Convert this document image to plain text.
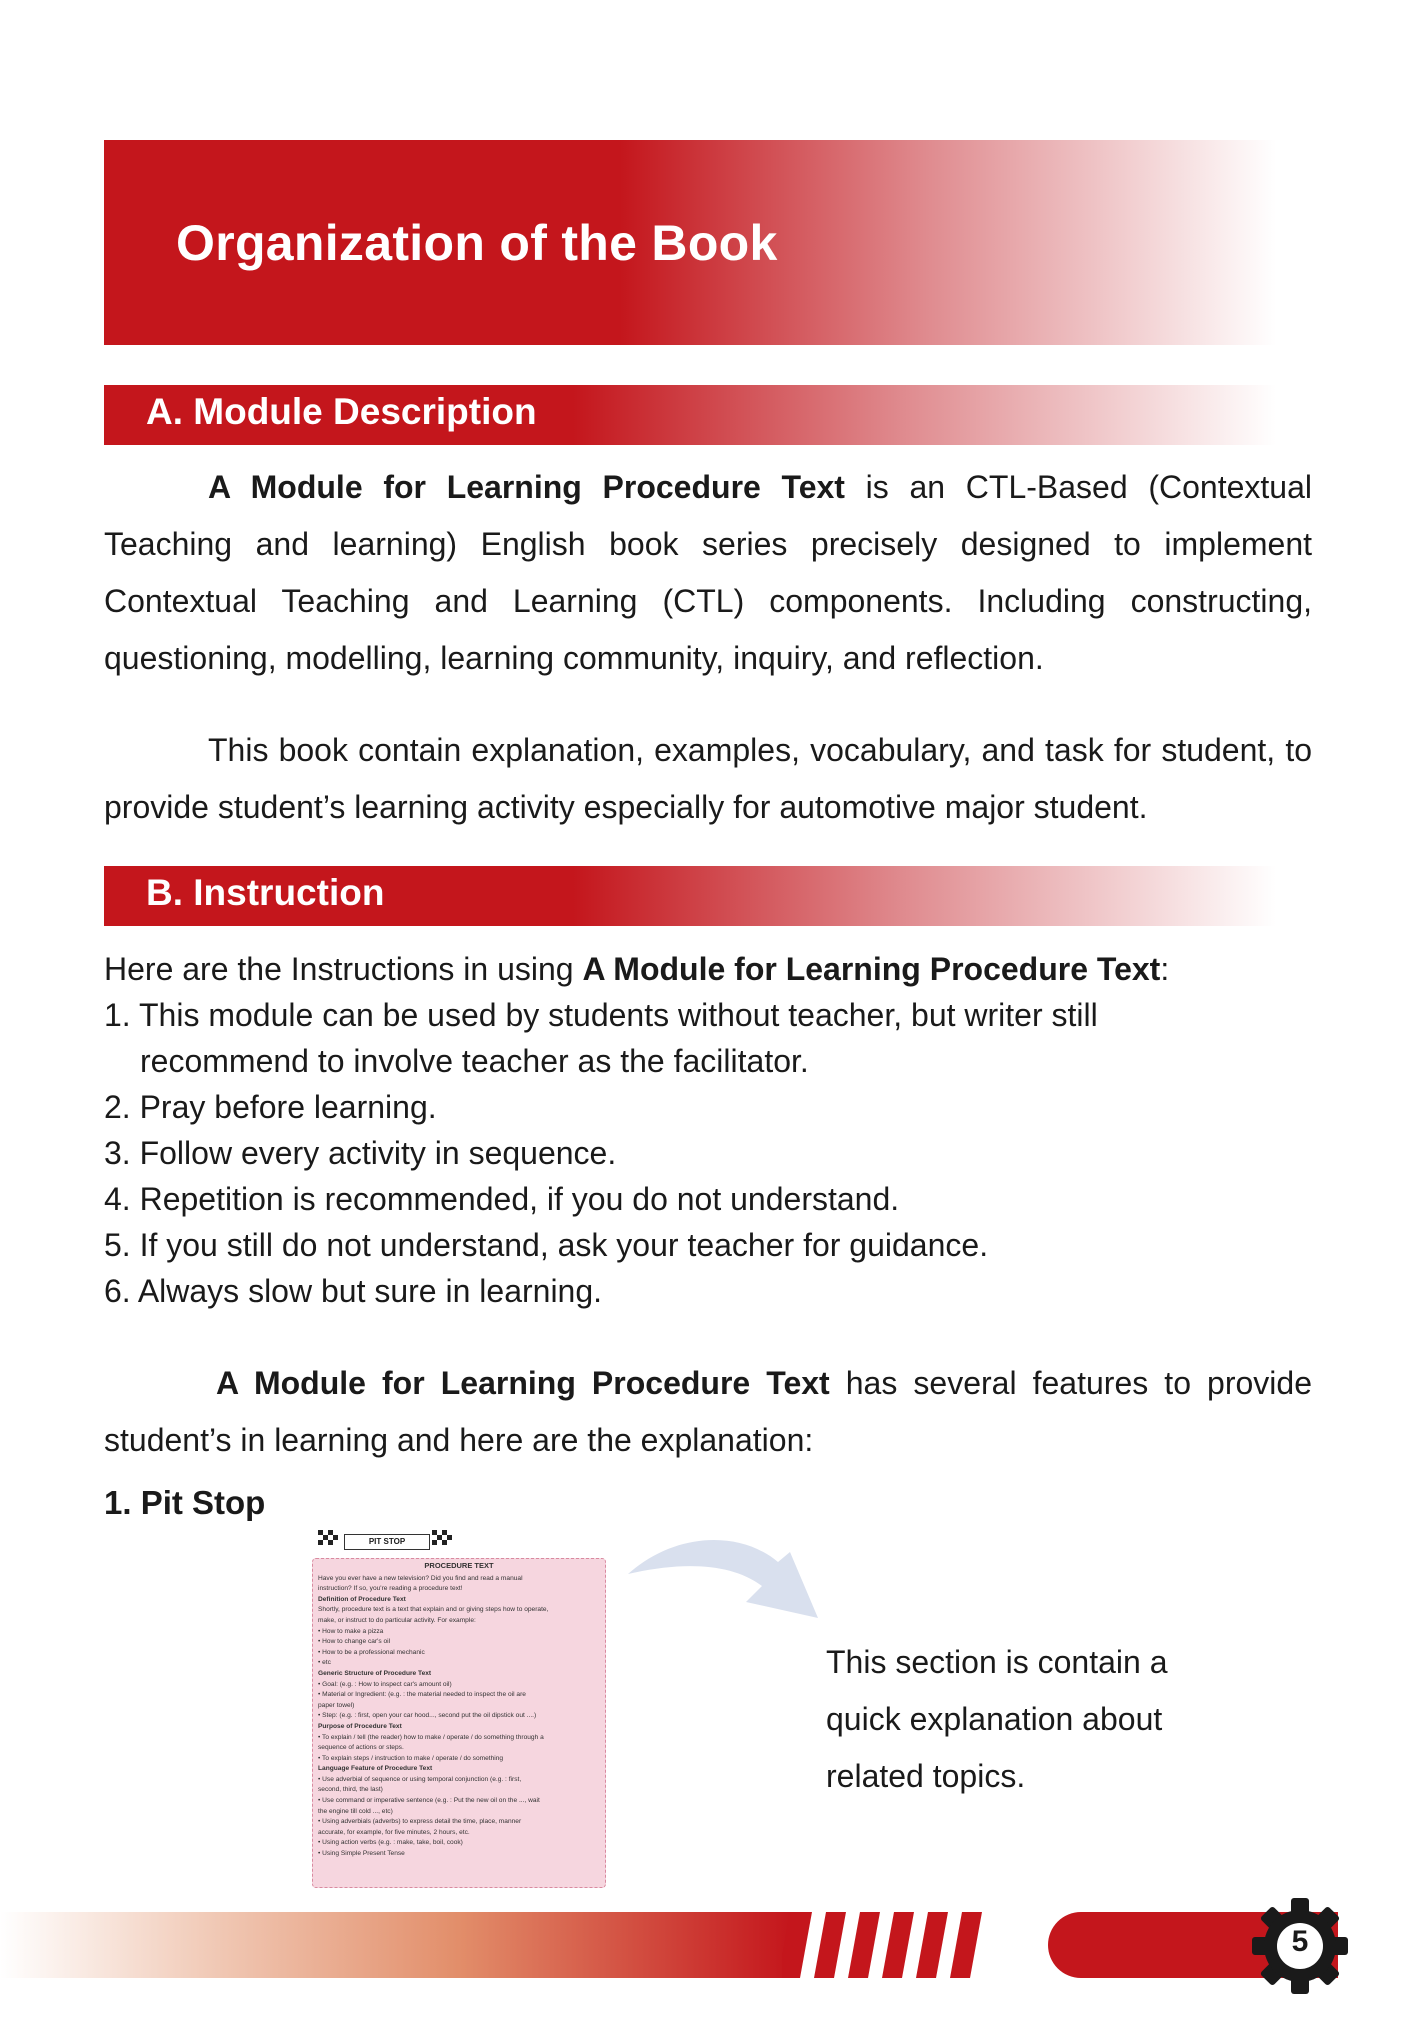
Organization of the Book
A. Module Description

A Module for Learning Procedure Text is an CTL-Based (Contextual Teaching and learning) English book series precisely designed to implement Contextual Teaching and Learning (CTL) components. Including constructing, questioning, modelling, learning community, inquiry, and reflection.

This book contain explanation, examples, vocabulary, and task for student, to provide student’s learning activity especially for automotive major student.

B. Instruction
Here are the Instructions in using A Module for Learning Procedure Text:
1. This module can be used by students without teacher, but writer still
recommend to involve teacher as the facilitator.
2. Pray before learning.
3. Follow every activity in sequence.
4. Repetition is recommended, if you do not understand.
5. If you still do not understand, ask your teacher for guidance.
6. Always slow but sure in learning.

A Module for Learning Procedure Text has several features to provide student’s in learning and here are the explanation:

1. Pit Stop
PIT STOP
PROCEDURE TEXT
Have you ever have a new television? Did you find and read a manual
instruction? If so, you're reading a procedure text!
Definition of Procedure Text
Shortly, procedure text is a text that explain and or giving steps how to operate,
make, or instruct to do particular activity. For example:
• How to make a pizza
• How to change car's oil
• How to be a professional mechanic
• etc
Generic Structure of Procedure Text
• Goal: (e.g. : How to inspect car's amount oil)
• Material or Ingredient: (e.g. : the material needed to inspect the oil are
paper towel)
• Step: (e.g. : first, open your car hood..., second put the oil dipstick out ....)
Purpose of Procedure Text
• To explain / tell (the reader) how to make / operate / do something through a
sequence of actions or steps.
• To explain steps / instruction to make / operate / do something
Language Feature of Procedure Text
• Use adverbial of sequence or using temporal conjunction (e.g. : first,
second, third, the last)
• Use command or imperative sentence (e.g. : Put the new oil on the ..., wait
the engine till cold ..., etc)
• Using adverbials (adverbs) to express detail the time, place, manner
accurate, for example, for five minutes, 2 hours, etc.
• Using action verbs (e.g. : make, take, boil, cook)
• Using Simple Present Tense
This section is contain a
quick explanation about
related topics.
5
